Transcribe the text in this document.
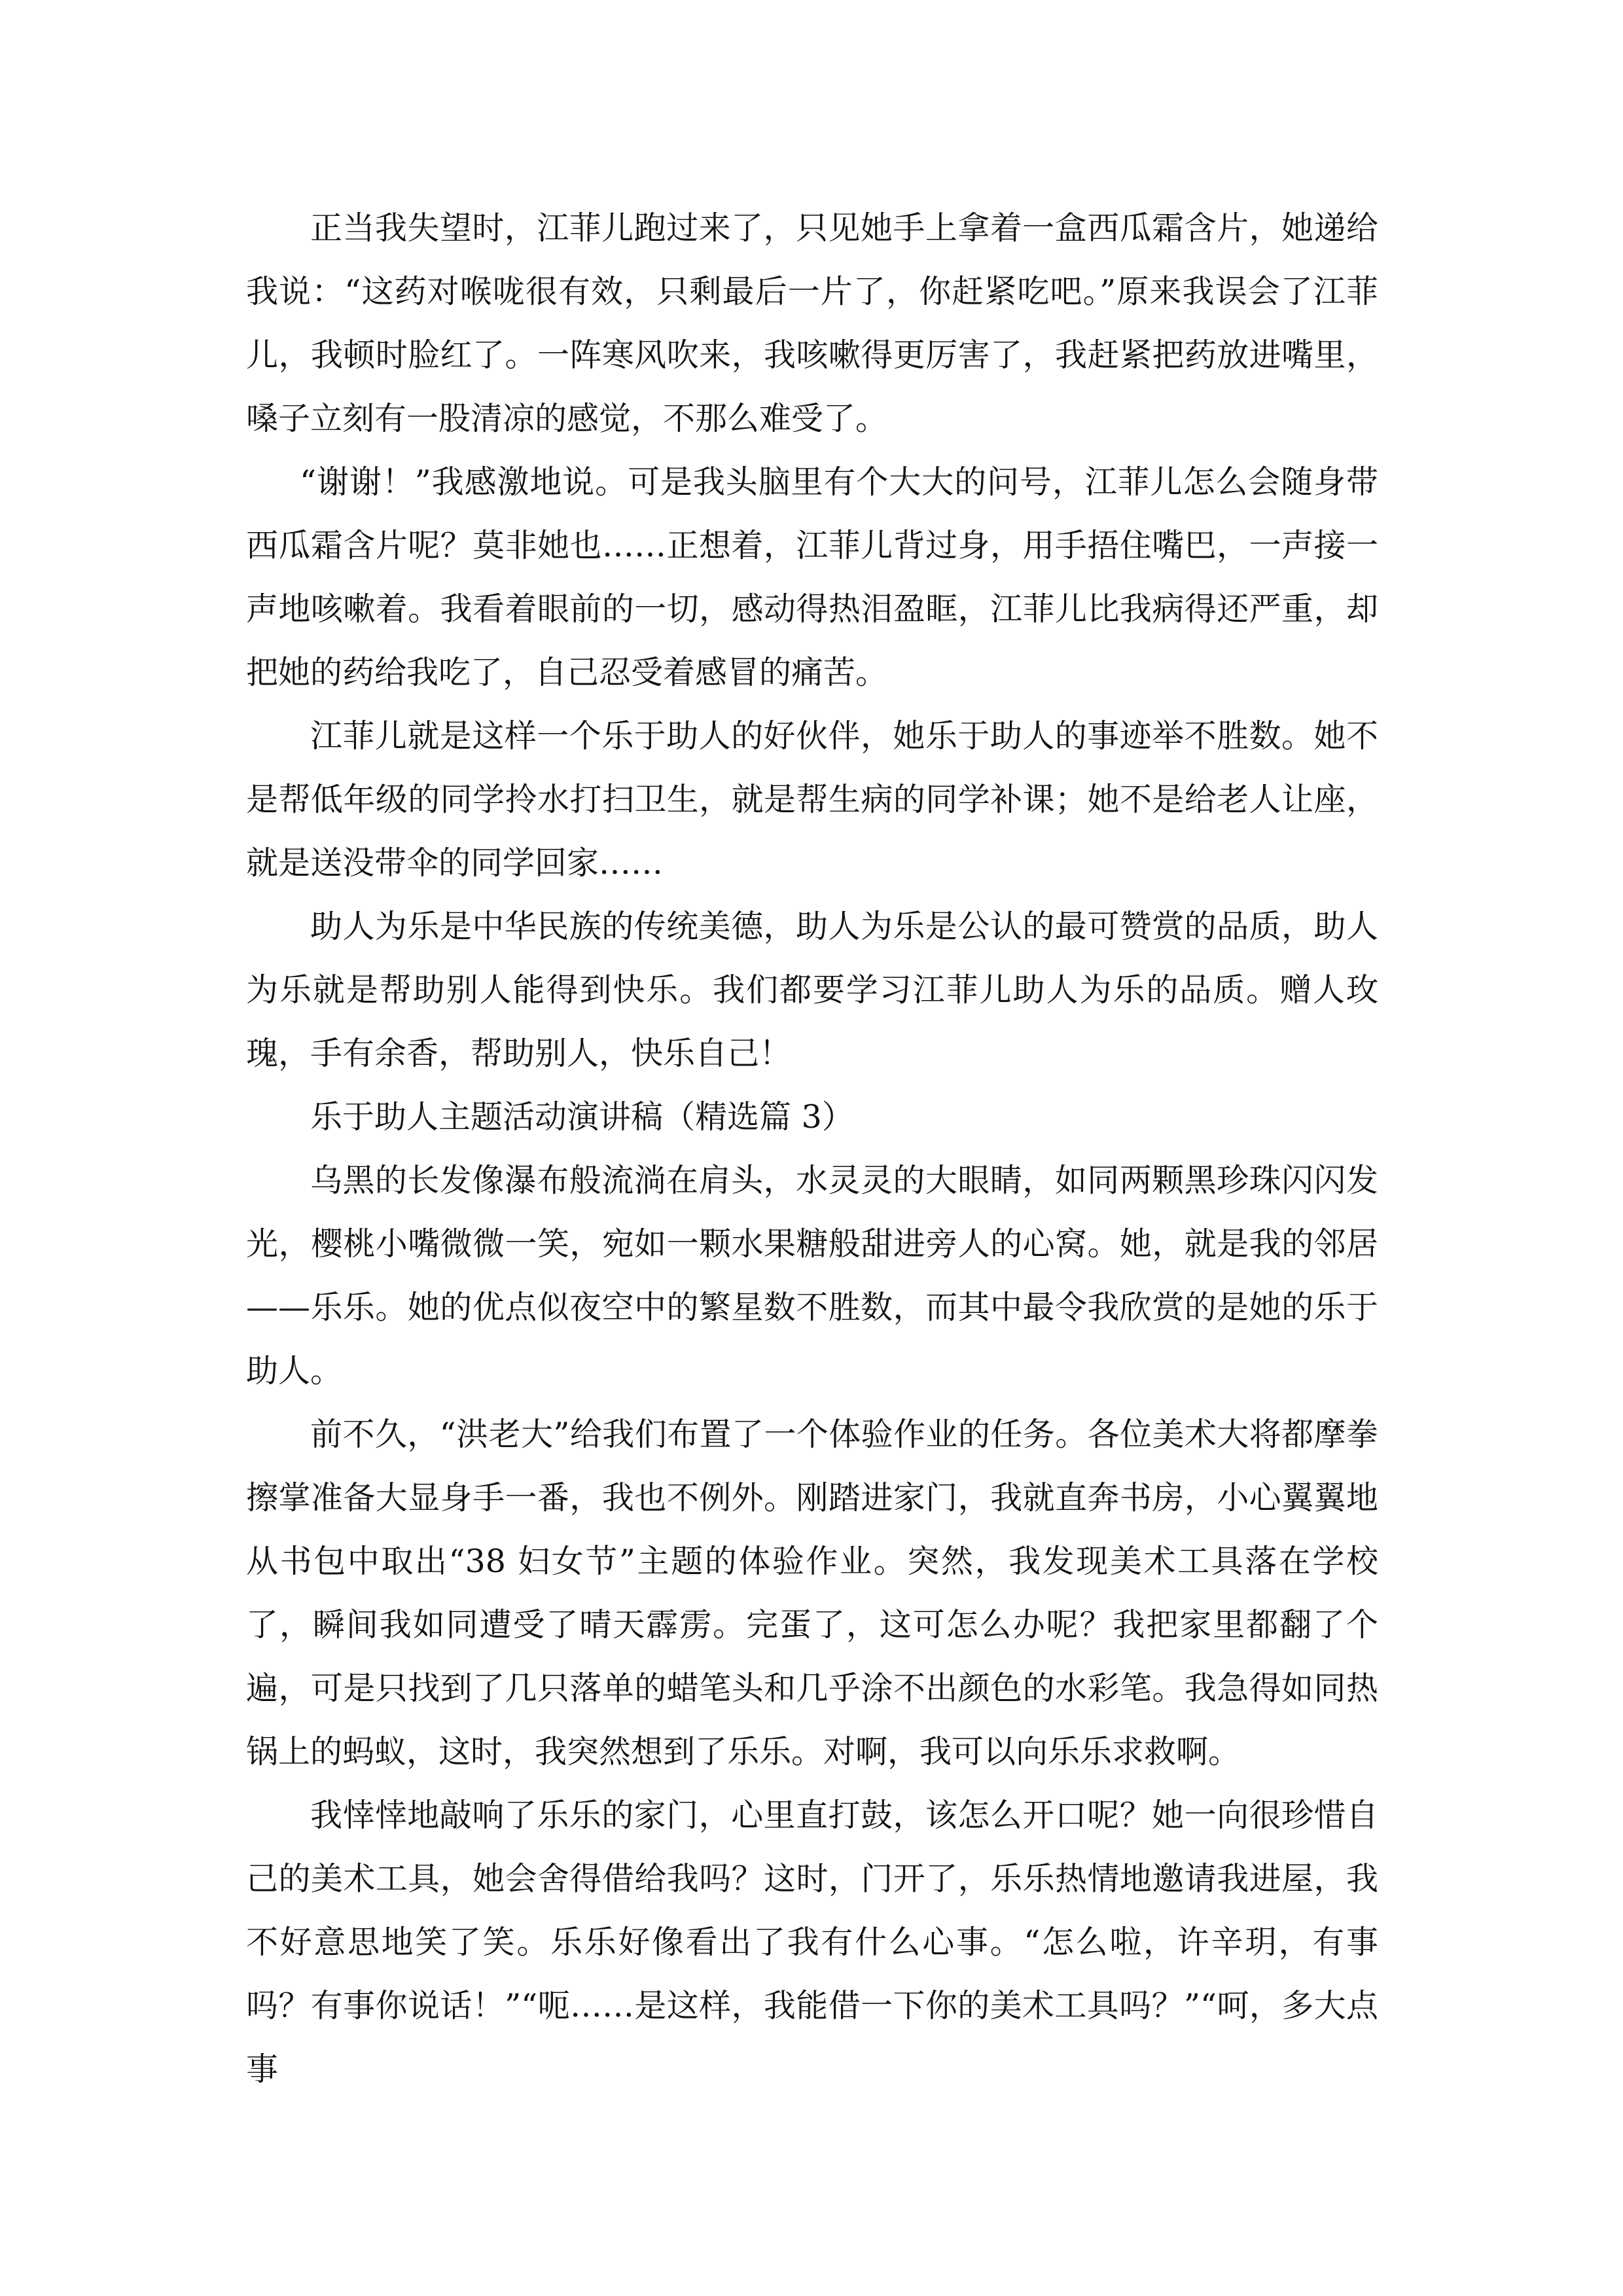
正当我失望时，江菲儿跑过来了，只见她手上拿着一盒西瓜霜含片，她递给我说：“这药对喉咙很有效，只剩最后一片了，你赶紧吃吧。”原来我误会了江菲儿，我顿时脸红了。一阵寒风吹来，我咳嗽得更厉害了，我赶紧把药放进嘴里，嗓子立刻有一股清凉的感觉，不那么难受了。

“谢谢！”我感激地说。可是我头脑里有个大大的问号，江菲儿怎么会随身带西瓜霜含片呢？莫非她也……正想着，江菲儿背过身，用手捂住嘴巴，一声接一声地咳嗽着。我看着眼前的一切，感动得热泪盈眶，江菲儿比我病得还严重，却把她的药给我吃了，自己忍受着感冒的痛苦。

江菲儿就是这样一个乐于助人的好伙伴，她乐于助人的事迹举不胜数。她不是帮低年级的同学拎水打扫卫生，就是帮生病的同学补课；她不是给老人让座，就是送没带伞的同学回家……

助人为乐是中华民族的传统美德，助人为乐是公认的最可赞赏的品质，助人为乐就是帮助别人能得到快乐。我们都要学习江菲儿助人为乐的品质。赠人玫瑰，手有余香，帮助别人，快乐自己！

乐于助人主题活动演讲稿（精选篇 3）

乌黑的长发像瀑布般流淌在肩头，水灵灵的大眼睛，如同两颗黑珍珠闪闪发光，樱桃小嘴微微一笑，宛如一颗水果糖般甜进旁人的心窝。她，就是我的邻居——乐乐。她的优点似夜空中的繁星数不胜数，而其中最令我欣赏的是她的乐于助人。

前不久，“洪老大”给我们布置了一个体验作业的任务。各位美术大将都摩拳擦掌准备大显身手一番，我也不例外。刚踏进家门，我就直奔书房，小心翼翼地从书包中取出“38 妇女节”主题的体验作业。突然，我发现美术工具落在学校了，瞬间我如同遭受了晴天霹雳。完蛋了，这可怎么办呢？我把家里都翻了个遍，可是只找到了几只落单的蜡笔头和几乎涂不出颜色的水彩笔。我急得如同热锅上的蚂蚁，这时，我突然想到了乐乐。对啊，我可以向乐乐求救啊。

我悻悻地敲响了乐乐的家门，心里直打鼓，该怎么开口呢？她一向很珍惜自己的美术工具，她会舍得借给我吗？这时，门开了，乐乐热情地邀请我进屋，我不好意思地笑了笑。乐乐好像看出了我有什么心事。“怎么啦，许辛玥，有事吗？有事你说话！”“呃……是这样，我能借一下你的美术工具吗？”“呵，多大点事
